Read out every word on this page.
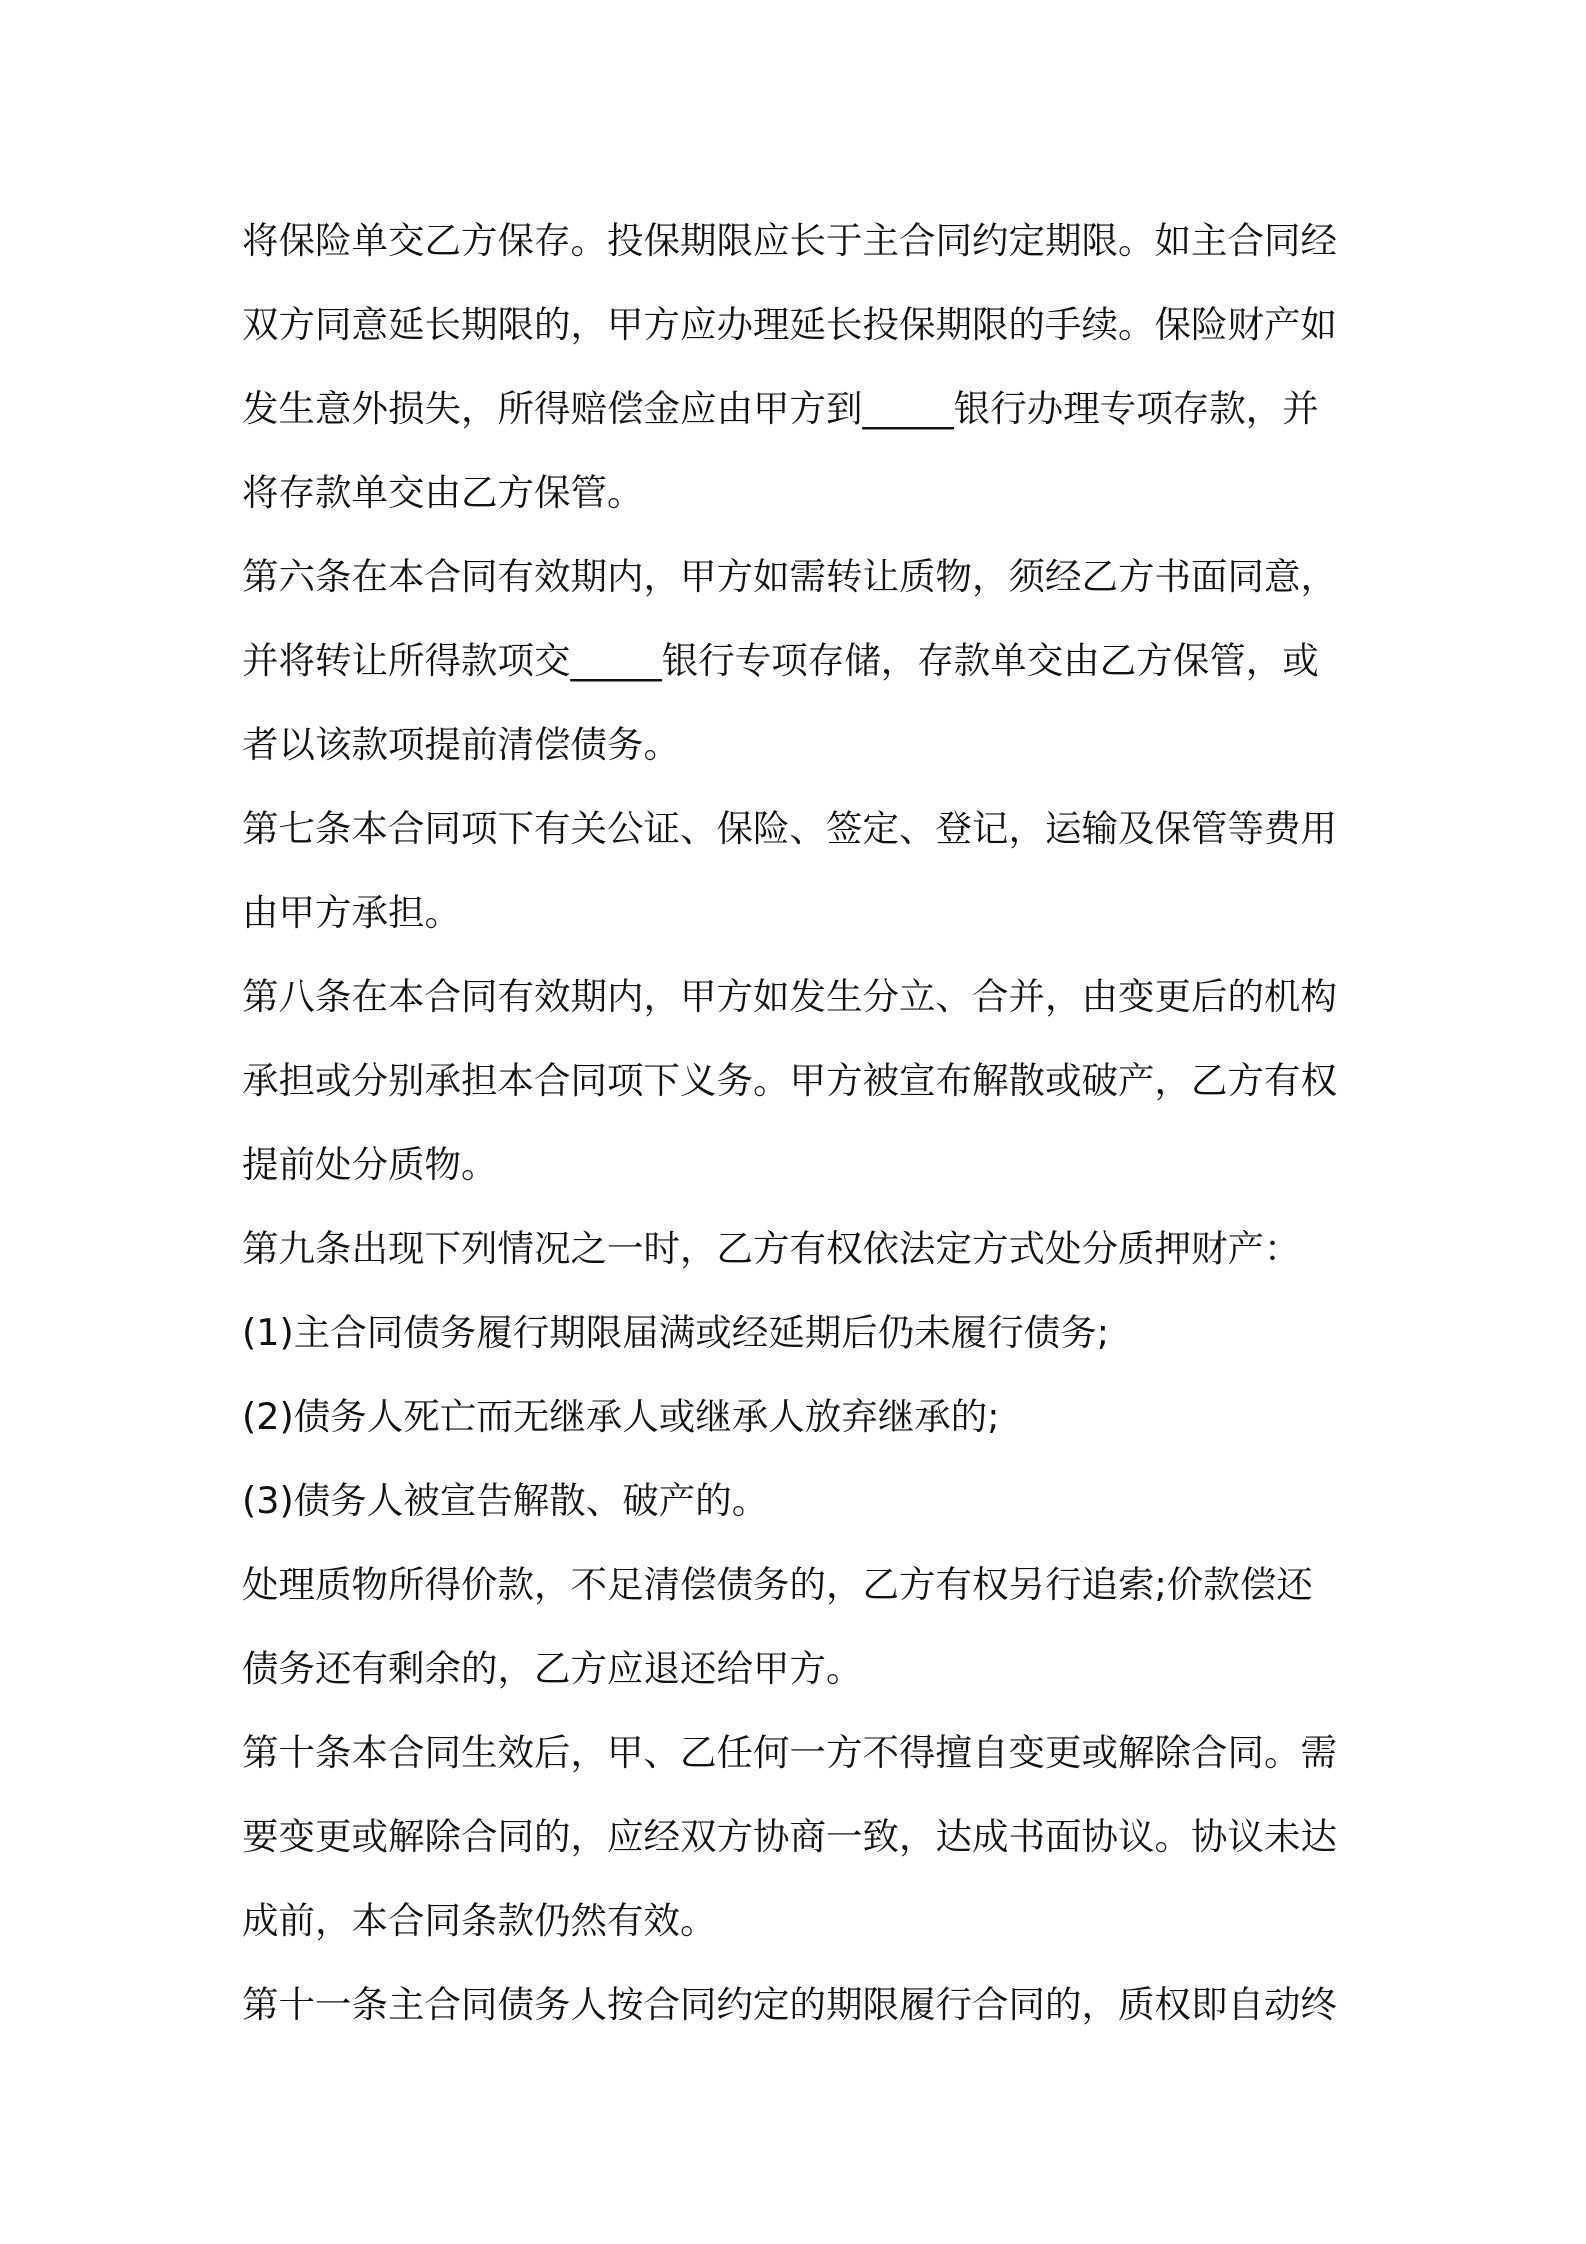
将保险单交乙方保存。投保期限应长于主合同约定期限。如主合同经
双方同意延长期限的，甲方应办理延长投保期限的手续。保险财产如
发生意外损失，所得赔偿金应由甲方到_____银行办理专项存款，并
将存款单交由乙方保管。
第六条在本合同有效期内，甲方如需转让质物，须经乙方书面同意，
并将转让所得款项交_____银行专项存储，存款单交由乙方保管，或
者以该款项提前清偿债务。
第七条本合同项下有关公证、保险、签定、登记，运输及保管等费用
由甲方承担。
第八条在本合同有效期内，甲方如发生分立、合并，由变更后的机构
承担或分别承担本合同项下义务。甲方被宣布解散或破产，乙方有权
提前处分质物。
第九条出现下列情况之一时，乙方有权依法定方式处分质押财产：
(1)主合同债务履行期限届满或经延期后仍未履行债务;
(2)债务人死亡而无继承人或继承人放弃继承的;
(3)债务人被宣告解散、破产的。
处理质物所得价款，不足清偿债务的，乙方有权另行追索;价款偿还
债务还有剩余的，乙方应退还给甲方。
第十条本合同生效后，甲、乙任何一方不得擅自变更或解除合同。需
要变更或解除合同的，应经双方协商一致，达成书面协议。协议未达
成前，本合同条款仍然有效。
第十一条主合同债务人按合同约定的期限履行合同的，质权即自动终
